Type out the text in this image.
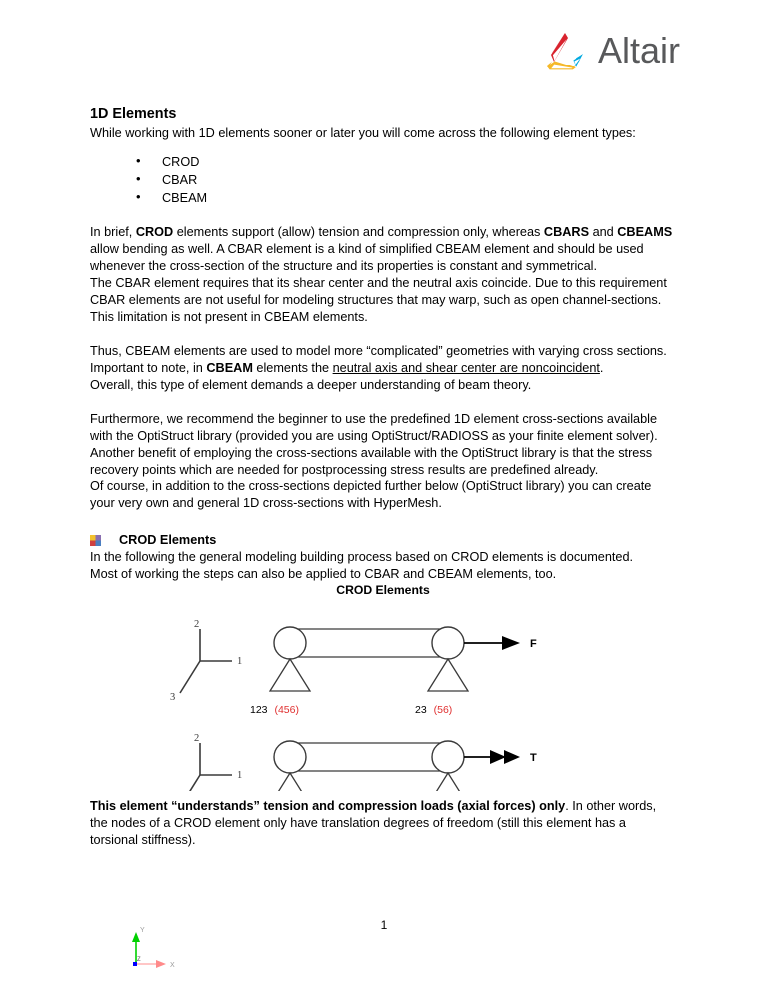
Altair
1D Elements

While working with 1D elements sooner or later you will come across the following element types:

• CROD
• CBAR
• CBEAM

In brief, CROD elements support (allow) tension and compression only, whereas CBARS and CBEAMS allow bending as well. A CBAR element is a kind of simplified CBEAM element and should be used whenever the cross-section of the structure and its properties is constant and symmetrical.
The CBAR element requires that its shear center and the neutral axis coincide. Due to this requirement CBAR elements are not useful for modeling structures that may warp, such as open channel-sections. This limitation is not present in CBEAM elements.

Thus, CBEAM elements are used to model more “complicated” geometries with varying cross sections. Important to note, in CBEAM elements the neutral axis and shear center are noncoincident.
Overall, this type of element demands a deeper understanding of beam theory.

Furthermore, we recommend the beginner to use the predefined 1D element cross-sections available with the OptiStruct library (provided you are using OptiStruct/RADIOSS as your finite element solver). Another benefit of employing the cross-sections available with the OptiStruct library is that the stress recovery points which are needed for postprocessing stress results are predefined already.
Of course, in addition to the cross-sections depicted further below (OptiStruct library) you can create your very own and general 1D cross-sections with HyperMesh.

CROD Elements

In the following the general modeling building process based on CROD elements is documented.
Most of working the steps can also be applied to CBAR and CBEAM elements, too.

CROD Elements
2
1
3
F
123 (456)	23 (56)
2
1
T

This element “understands” tension and compression loads (axial forces) only. In other words, the nodes of a CROD element only have translation degrees of freedom (still this element has a torsional stiffness).

1
Y
X
Z
